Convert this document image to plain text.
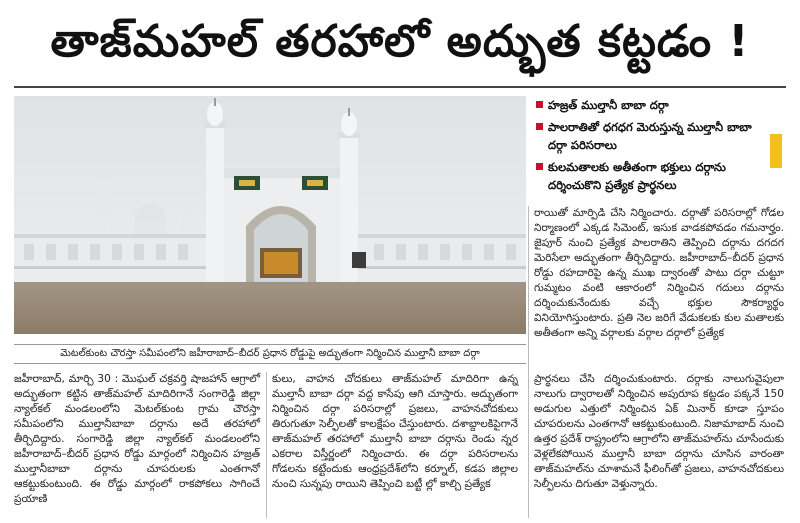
తాజ్‌మహల్ తరహాలో అద్భుత కట్టడం !
మెటల్‌కుంట చౌరస్తా సమీపంలోని జహీరాబాద్–బీదర్ ప్రధాన రోడ్డుపై అద్భుతంగా నిర్మించిన ముల్తానీ బాబా దర్గా
హజ్రత్ ముల్తానీ బాబా దర్గా
పాలరాతితో ధగధగ మెరుస్తున్న ముల్తానీ బాబా దర్గా పరిసరాలు
కులమతాలకు అతీతంగా భక్తులు దర్గాను దర్శించుకొని ప్రత్యేక ప్రార్థనలు

రాయితో మార్పిడి చేసి నిర్మించారు. దర్గాతో పరిసరాల్లో గోడల నిర్మాణంలో ఎక్కడ సిమెంట్, ఇసుక వాడకపోవడం గమనార్హం. జైపూర్ నుంచి ప్రత్యేక పాలరాతిని తెప్పించి దర్గాను దగదగ మెరిసేలా అద్భుతంగా తీర్చిదిద్దారు. జహీరాబాద్–బీదర్ ప్రధాన రోడ్డు రహదారిపై ఉన్న ముఖ ద్వారంతో పాటు దర్గా చుట్టూ గుమ్మటం వంటి ఆకారంలో నిర్మించిన గదులు దర్గాను దర్శించుకునేందుకు వచ్చే భక్తుల సౌకర్యార్థం వినియోగిస్తుంటారు. ప్రతి నెల జరిగే వేడుకలకు కుల మతాలకు అతీతంగా అన్ని వర్గాలకు వర్గాల దర్గాలో ప్రత్యేక

జహీరాబాద్, మార్చి 30 : మొఘల్ చక్రవర్తి షాజహాన్ ఆగ్రాలో అద్భుతంగా కట్టిన తాజ్‌మహల్ మాదిరిగానే సంగారెడ్డి జిల్లా న్యాల్‌కల్ మండలంలోని మెటల్‌కుంట గ్రామ చౌరస్తా సమీపంలోని ముల్తానీబాబా దర్గాను అదే తరహాలో తీర్చిదిద్దారు. సంగారెడ్డి జిల్లా న్యాల్‌కల్ మండలంలోని జహీరాబాద్–బీదర్ ప్రధాన రోడ్డు మార్గంలో నిర్మించిన హజ్రత్ ముల్తానీబాబా దర్గాను చూపరులకు ఎంతగానో ఆకట్టుకుంటుంది. ఈ రోడ్డు మార్గంలో రాకపోకలు సాగించే ప్రయాణి

కులు, వాహన చోదకులు తాజ్‌మహల్ మాదిరిగా ఉన్న ముల్తానీ బాబా దర్గా వద్ద కాసేపు ఆగి చూస్తారు. అద్భుతంగా నిర్మించిన దర్గా పరిసరాల్లో ప్రజలు, వాహనచోదకులు తిరుగుతూ సెల్ఫీలతో కాలక్షేపం చేస్తుంటారు. దశాబ్దాలకిపైగానే తాజ్‌మహల్ తరహాలో ముల్తానీ బాబా దర్గాను రెండు న్నర ఎకరాల విస్తీర్ణంలో నిర్మించారు. ఈ దర్గా పరిసరాలను గోడలను కట్టేందుకు ఆంధ్రప్రదేశ్‌లోని కర్నూల్, కడప జిల్లాల నుంచి సున్నపు రాయిని తెప్పించి బట్టీ ల్లో కాల్చి ప్రత్యేక

ప్రార్థనలు చేసి దర్శించుకుంటారు. దర్గాకు నాలుగువైపులా నాలుగు ద్వారాలతో నిర్మించిన అపురూప కట్టడం పక్కనే 150 అడుగుల ఎత్తులో నిర్మించిన ఏక్ మినార్ కూడా స్తూపం చూపరులను ఎంతగానో ఆకట్టుకుంటుంది. నిజామాబాద్ నుంచి ఉత్తర ప్రదేశ్ రాష్ట్రంలోని ఆగ్రాలోని తాజ్‌మహల్‌ను చూసేందుకు వెళ్లలేకపోయిన ముల్తానీ బాబా దర్గాను చూసిన వారంతా తాజ్‌మహల్‌ను చూశామనే ఫీలింగ్‌తో ప్రజలు, వాహనచోదకులు సెల్ఫీలను దిగుతూ వెళ్తున్నారు.
